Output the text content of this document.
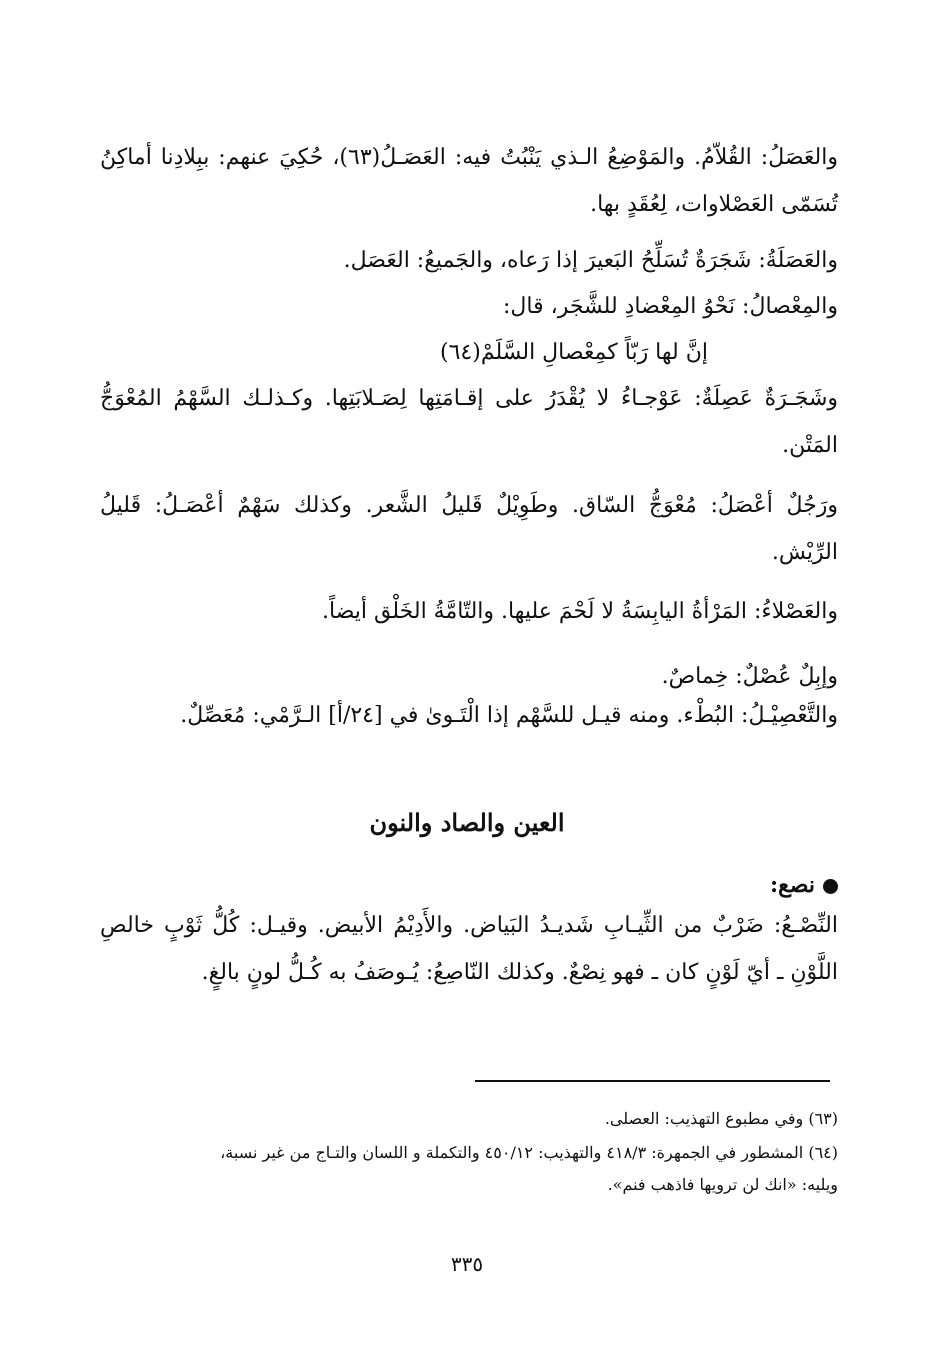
والعَصَلُ: القُلاّمُ. والمَوْضِعُ الـذي يَنْبُتُ فيه: العَصَـلُ(٦٣)، حُكِيَ عنهم: ببِلادِنا أماكِنُ تُسَمّى العَصْلاوات، لِعُقَدٍ بها.
والعَصَلَةُ: شَجَرَةٌ تُسَلِّحُ البَعيرَ إذا رَعاه، والجَميعُ: العَصَل.
والمِعْصالُ: نَحْوُ المِعْضادِ للشَّجَر، قال:
إنَّ لها رَبّاً كمِعْصالِ السَّلَمْ(٦٤)
وشَجَـرَةٌ عَصِلَةٌ: عَوْجـاءُ لا يُقْدَرُ على إقـامَتِها لِصَـلابَتِها. وكـذلـك السَّهْمُ المُعْوَجُّ المَتْن.
ورَجُلٌ أعْصَلُ: مُعْوَجُّ السّاق. وطَوِيْلٌ قَليلُ الشَّعر. وكذلك سَهْمٌ أعْصَـلُ: قَليلُ الرِّيْش.
والعَصْلاءُ: المَرْأةُ اليابِسَةُ لا لَحْمَ عليها. والتّامَّةُ الخَلْق أيضاً.
وإبِلٌ عُصْلٌ: خِماصٌ.
والتَّعْصِيْـلُ: البُطْء. ومنه قيـل للسَّهْم إذا الْتَـوىٰ في [٢٤/أ] الـرَّمْي: مُعَصِّلٌ.
العين والصاد والنون
نصع:
النِّصْـعُ: ضَرْبٌ من الثِّيـابِ شَديـدُ البَياض. والأَدِيْمُ الأبيض. وقيـل: كُلُّ ثَوْبٍ خالصِ اللَّوْنِ ـ أيّ لَوْنٍ كان ـ فهو نِصْعٌ. وكذلك النّاصِعُ: يُـوصَفُ به كُـلُّ لونٍ بالغٍ.
(٦٣) وفي مطبوع التهذيب: العصلى.
(٦٤) المشطور في الجمهرة: ٤١٨/٣ والتهذيب: ٤٥٠/١٢ والتكملة و اللسان والتـاج من غير نسبة،
ويليه: «انك لن ترويها فاذهب فنم».
٣٣٥
